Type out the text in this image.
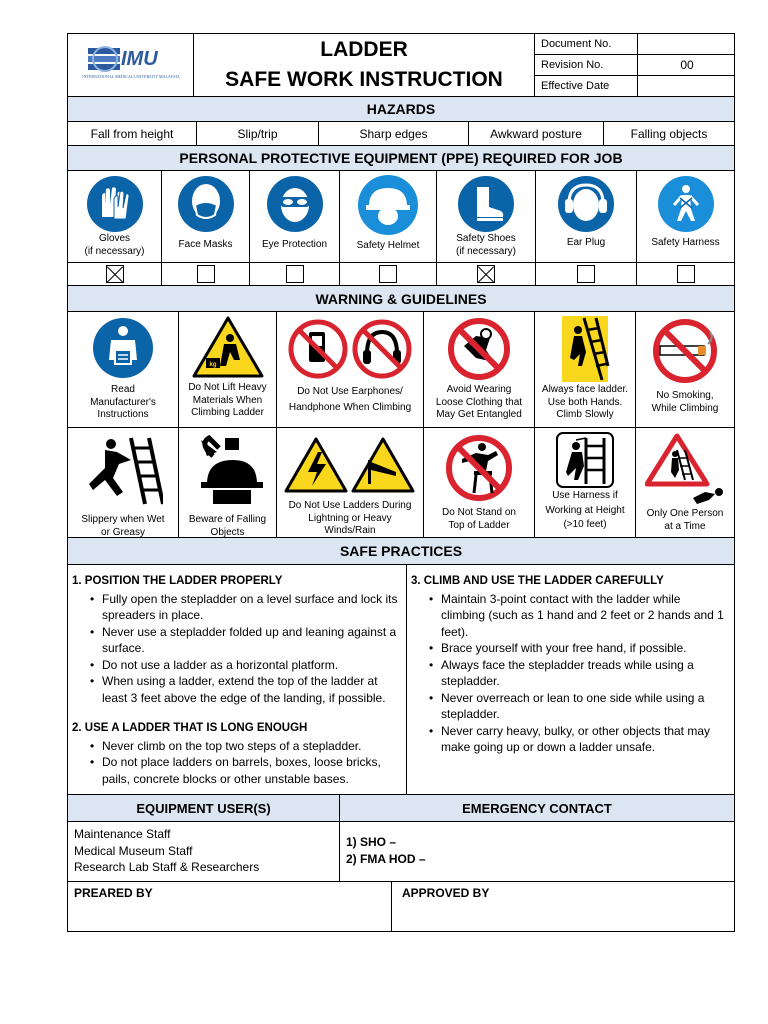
IMU
INTERNATIONAL MEDICAL UNIVERSITY MALAYSIA
LADDER
SAFE WORK INSTRUCTION
Document No.
Revision No.	00
Effective Date
HAZARDS
Fall from height	Slip/trip	Sharp edges	Awkward posture	Falling objects
PERSONAL PROTECTIVE EQUIPMENT (PPE) REQUIRED FOR JOB
Gloves
(if necessary)
Face Masks	Eye Protection	Safety Helmet
Safety Shoes
(if necessary)
Ear Plug	Safety Harness
WARNING & GUIDELINES
Read
Manufacturer's
Instructions
kg
Do Not Lift Heavy
Materials When
Climbing Ladder
Do Not Use Earphones/
Handphone When Climbing
Avoid Wearing
Loose Clothing that
May Get Entangled
Always face ladder.
Use both Hands.
Climb Slowly
No Smoking,
While Climbing
Slippery when Wet
or Greasy
Beware of Falling
Objects
Do Not Use Ladders During
Lightning or Heavy
Winds/Rain
Do Not Stand on
Top of Ladder
Use Harness if
Working at Height
(>10 feet)
Only One Person
at a Time
SAFE PRACTICES
1. POSITION THE LADDER PROPERLY
• Fully open the stepladder on a level surface and lock its spreaders in place.
• Never use a stepladder folded up and leaning against a surface.
• Do not use a ladder as a horizontal platform.
• When using a ladder, extend the top of the ladder at least 3 feet above the edge of the landing, if possible.
2. USE A LADDER THAT IS LONG ENOUGH
• Never climb on the top two steps of a stepladder.
• Do not place ladders on barrels, boxes, loose bricks, pails, concrete blocks or other unstable bases.
3. CLIMB AND USE THE LADDER CAREFULLY
• Maintain 3-point contact with the ladder while climbing (such as 1 hand and 2 feet or 2 hands and 1 feet).
• Brace yourself with your free hand, if possible.
• Always face the stepladder treads while using a stepladder.
• Never overreach or lean to one side while using a stepladder.
• Never carry heavy, bulky, or other objects that may make going up or down a ladder unsafe.
EQUIPMENT USER(S)	EMERGENCY CONTACT
Maintenance Staff
Medical Museum Staff
Research Lab Staff & Researchers
1) SHO –
2) FMA HOD –
PREARED BY	APPROVED BY
